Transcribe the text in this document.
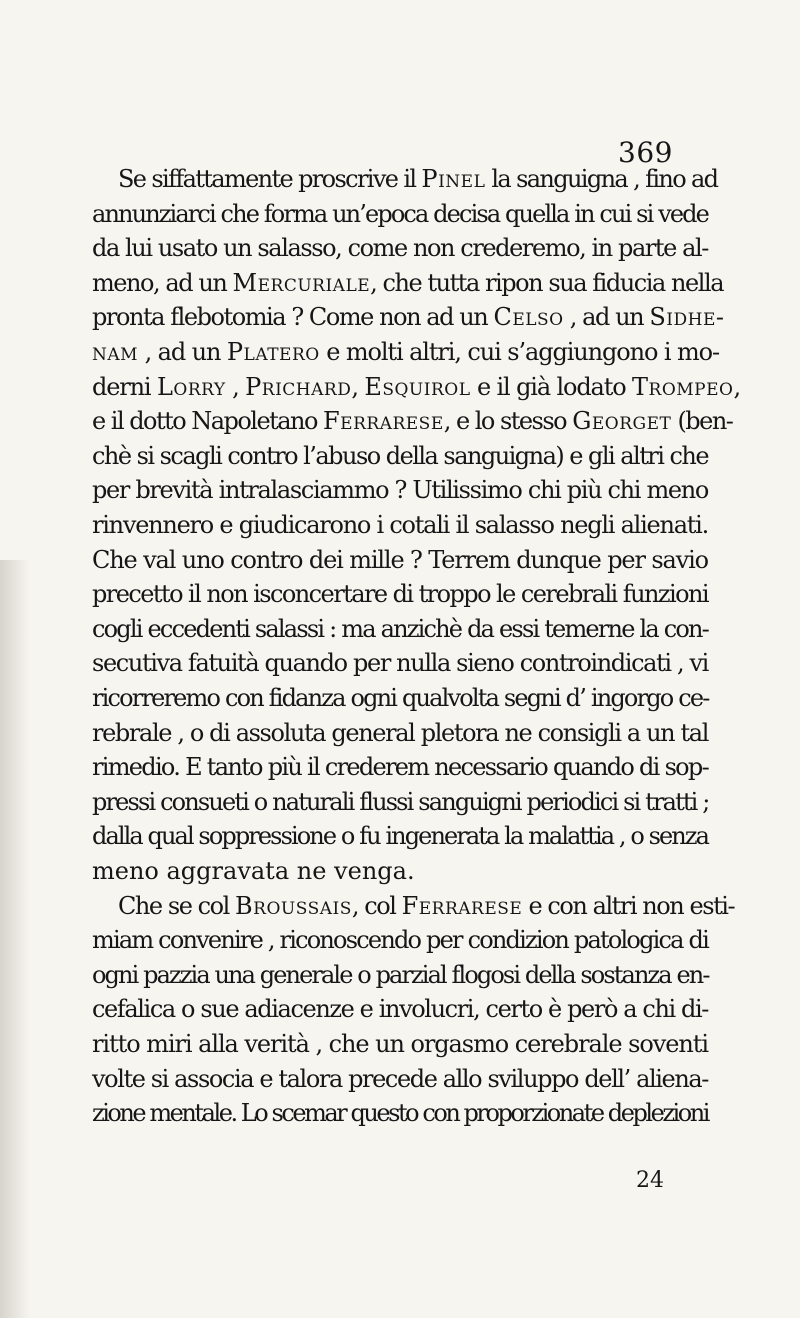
369
Se siffattamente proscrive il Pinel la sanguigna , fino ad
annunziarci che forma un’epoca decisa quella in cui si vede
da lui usato un salasso, come non crederemo, in parte al-
meno, ad un Mercuriale, che tutta ripon sua fiducia nella
pronta flebotomia ? Come non ad un Celso , ad un Sidhe-
nam , ad un Platero e molti altri, cui s’aggiungono i mo-
derni Lorry , Prichard, Esquirol e il già lodato Trompeo,
e il dotto Napoletano Ferrarese, e lo stesso Georget (ben-
chè si scagli contro l’abuso della sanguigna) e gli altri che
per brevità intralasciammo ? Utilissimo chi più chi meno
rinvennero e giudicarono i cotali il salasso negli alienati.
Che val uno contro dei mille ? Terrem dunque per savio
precetto il non isconcertare di troppo le cerebrali funzioni
cogli eccedenti salassi : ma anzichè da essi temerne la con-
secutiva fatuità quando per nulla sieno controindicati , vi
ricorreremo con fidanza ogni qualvolta segni d’ ingorgo ce-
rebrale , o di assoluta general pletora ne consigli a un tal
rimedio. E tanto più il crederem necessario quando di sop-
pressi consueti o naturali flussi sanguigni periodici si tratti ;
dalla qual soppressione o fu ingenerata la malattia , o senza
meno aggravata ne venga.
Che se col Broussais, col Ferrarese e con altri non esti-
miam convenire , riconoscendo per condizion patologica di
ogni pazzia una generale o parzial flogosi della sostanza en-
cefalica o sue adiacenze e involucri, certo è però a chi di-
ritto miri alla verità , che un orgasmo cerebrale soventi
volte si associa e talora precede allo sviluppo dell’ aliena-
zione mentale. Lo scemar questo con proporzionate deplezioni
24
